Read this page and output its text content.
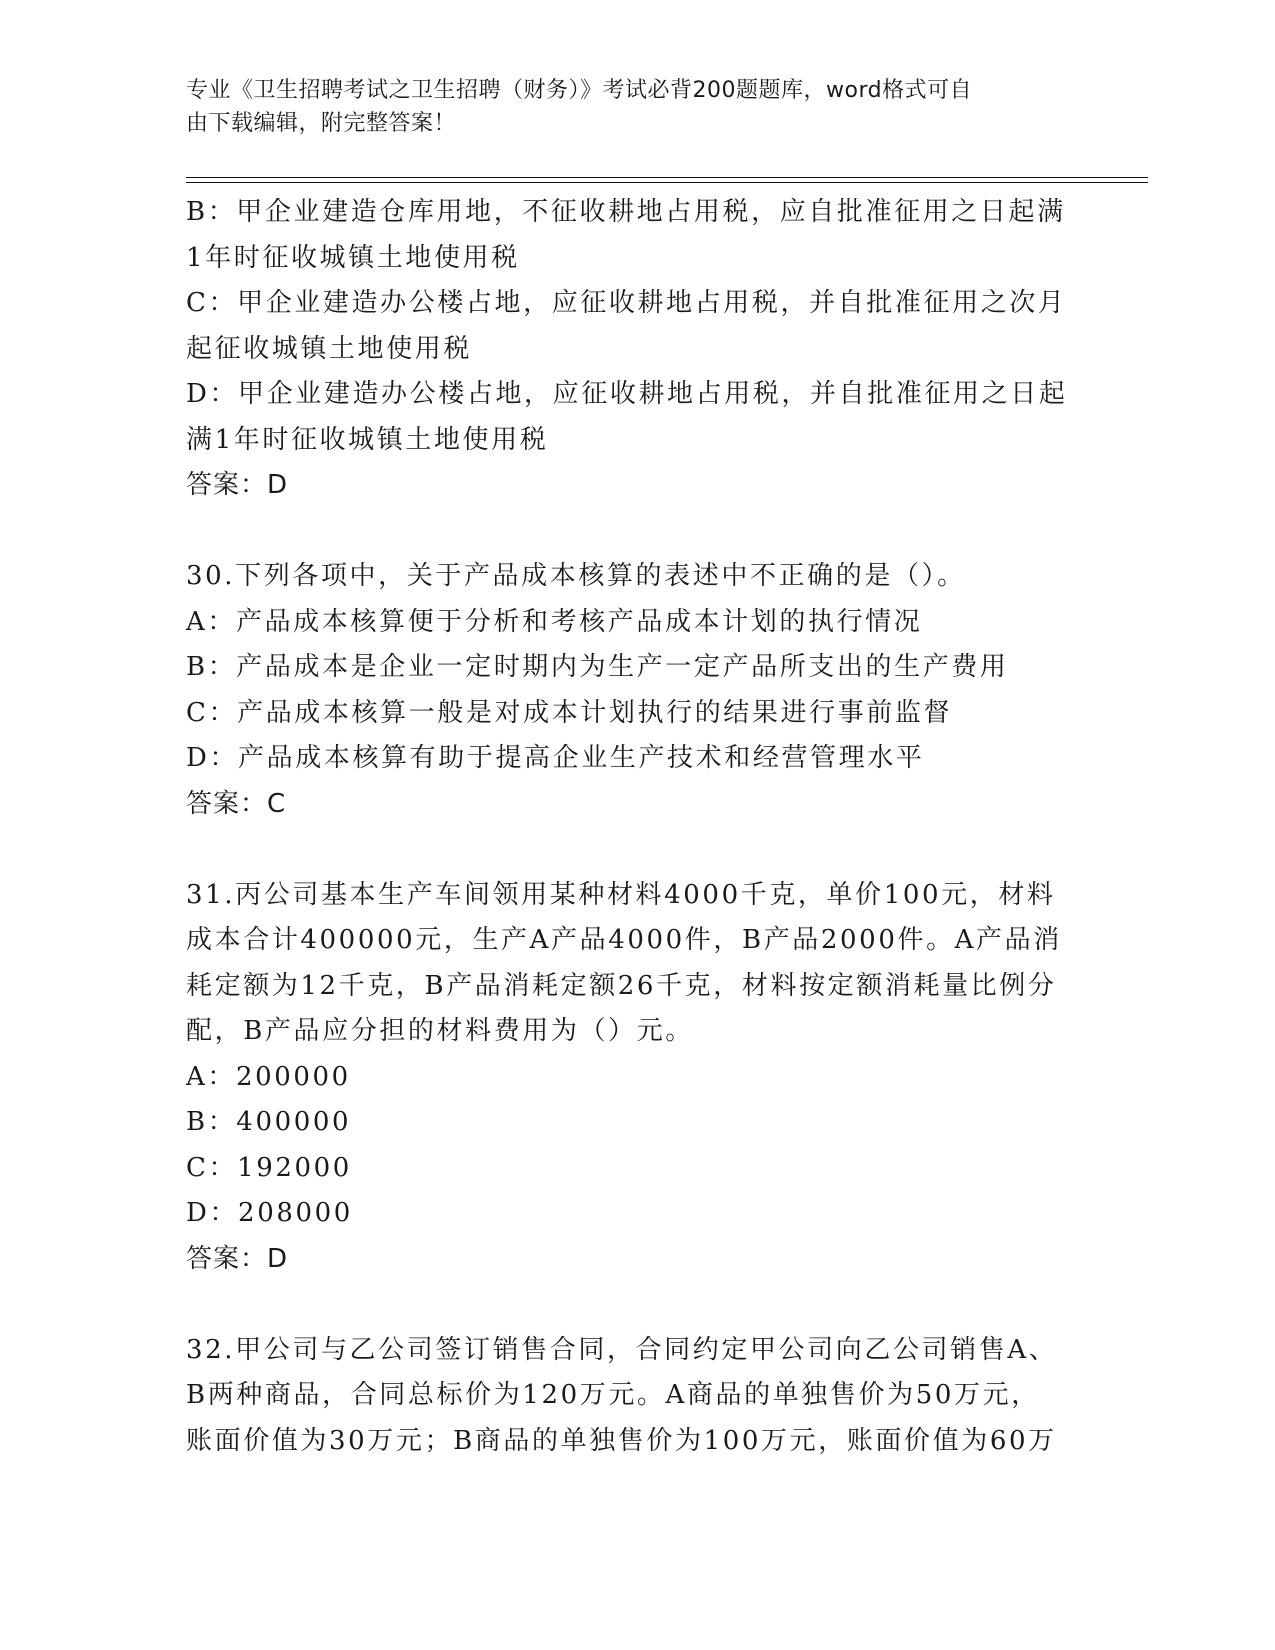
专业《卫生招聘考试之卫生招聘（财务）》考试必背200题题库，word格式可自
由下载编辑，附完整答案！
B：甲企业建造仓库用地，不征收耕地占用税，应自批准征用之日起满
1年时征收城镇土地使用税
C：甲企业建造办公楼占地，应征收耕地占用税，并自批准征用之次月
起征收城镇土地使用税
D：甲企业建造办公楼占地，应征收耕地占用税，并自批准征用之日起
满1年时征收城镇土地使用税
答案：D
30.下列各项中，关于产品成本核算的表述中不正确的是（）。
A：产品成本核算便于分析和考核产品成本计划的执行情况
B：产品成本是企业一定时期内为生产一定产品所支出的生产费用
C：产品成本核算一般是对成本计划执行的结果进行事前监督
D：产品成本核算有助于提高企业生产技术和经营管理水平
答案：C
31.丙公司基本生产车间领用某种材料4000千克，单价100元，材料
成本合计400000元，生产A产品4000件，B产品2000件。A产品消
耗定额为12千克，B产品消耗定额26千克，材料按定额消耗量比例分
配，B产品应分担的材料费用为（）元。
A：200000
B：400000
C：192000
D：208000
答案：D
32.甲公司与乙公司签订销售合同，合同约定甲公司向乙公司销售A、
B两种商品，合同总标价为120万元。A商品的单独售价为50万元，
账面价值为30万元；B商品的单独售价为100万元，账面价值为60万
